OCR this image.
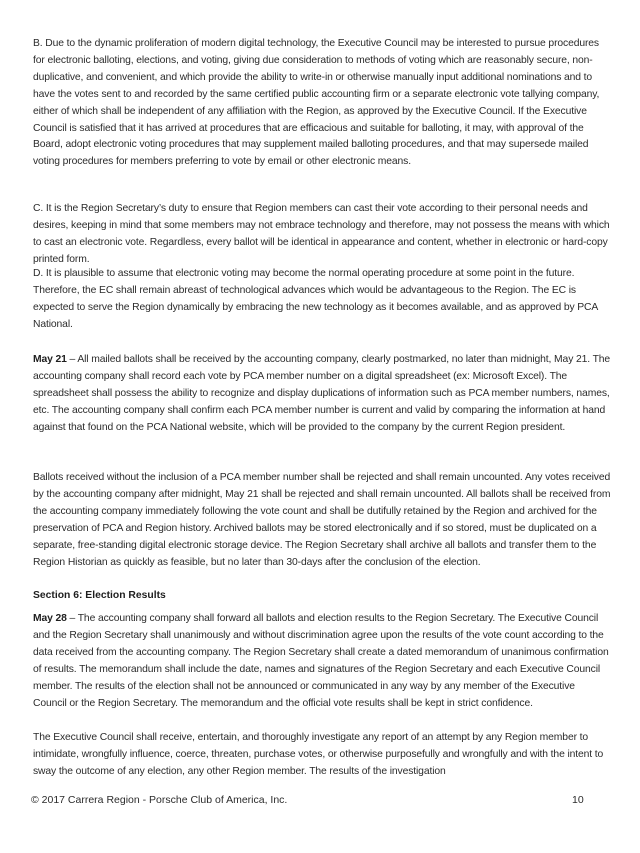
B. Due to the dynamic proliferation of modern digital technology, the Executive Council may be interested to pursue procedures for electronic balloting, elections, and voting, giving due consideration to methods of voting which are reasonably secure, non-duplicative, and convenient, and which provide the ability to write-in or otherwise manually input additional nominations and to have the votes sent to and recorded by the same certified public accounting firm or a separate electronic vote tallying company, either of which shall be independent of any affiliation with the Region, as approved by the Executive Council. If the Executive Council is satisfied that it has arrived at procedures that are efficacious and suitable for balloting, it may, with approval of the Board, adopt electronic voting procedures that may supplement mailed balloting procedures, and that may supersede mailed voting procedures for members preferring to vote by email or other electronic means.

C. It is the Region Secretary’s duty to ensure that Region members can cast their vote according to their personal needs and desires, keeping in mind that some members may not embrace technology and therefore, may not possess the means with which to cast an electronic vote. Regardless, every ballot will be identical in appearance and content, whether in electronic or hard-copy printed form.

D. It is plausible to assume that electronic voting may become the normal operating procedure at some point in the future. Therefore, the EC shall remain abreast of technological advances which would be advantageous to the Region. The EC is expected to serve the Region dynamically by embracing the new technology as it becomes available, and as approved by PCA National.

May 21 – All mailed ballots shall be received by the accounting company, clearly postmarked, no later than midnight, May 21. The accounting company shall record each vote by PCA member number on a digital spreadsheet (ex: Microsoft Excel). The spreadsheet shall possess the ability to recognize and display duplications of information such as PCA member numbers, names, etc. The accounting company shall confirm each PCA member number is current and valid by comparing the information at hand against that found on the PCA National website, which will be provided to the company by the current Region president.

Ballots received without the inclusion of a PCA member number shall be rejected and shall remain uncounted. Any votes received by the accounting company after midnight, May 21 shall be rejected and shall remain uncounted. All ballots shall be received from the accounting company immediately following the vote count and shall be dutifully retained by the Region and archived for the preservation of PCA and Region history. Archived ballots may be stored electronically and if so stored, must be duplicated on a separate, free-standing digital electronic storage device. The Region Secretary shall archive all ballots and transfer them to the Region Historian as quickly as feasible, but no later than 30-days after the conclusion of the election.

Section 6: Election Results

May 28 – The accounting company shall forward all ballots and election results to the Region Secretary. The Executive Council and the Region Secretary shall unanimously and without discrimination agree upon the results of the vote count according to the data received from the accounting company. The Region Secretary shall create a dated memorandum of unanimous confirmation of results. The memorandum shall include the date, names and signatures of the Region Secretary and each Executive Council member. The results of the election shall not be announced or communicated in any way by any member of the Executive Council or the Region Secretary. The memorandum and the official vote results shall be kept in strict confidence.

The Executive Council shall receive, entertain, and thoroughly investigate any report of an attempt by any Region member to intimidate, wrongfully influence, coerce, threaten, purchase votes, or otherwise purposefully and wrongfully and with the intent to sway the outcome of any election, any other Region member. The results of the investigation

© 2017 Carrera Region - Porsche Club of America, Inc.	10
